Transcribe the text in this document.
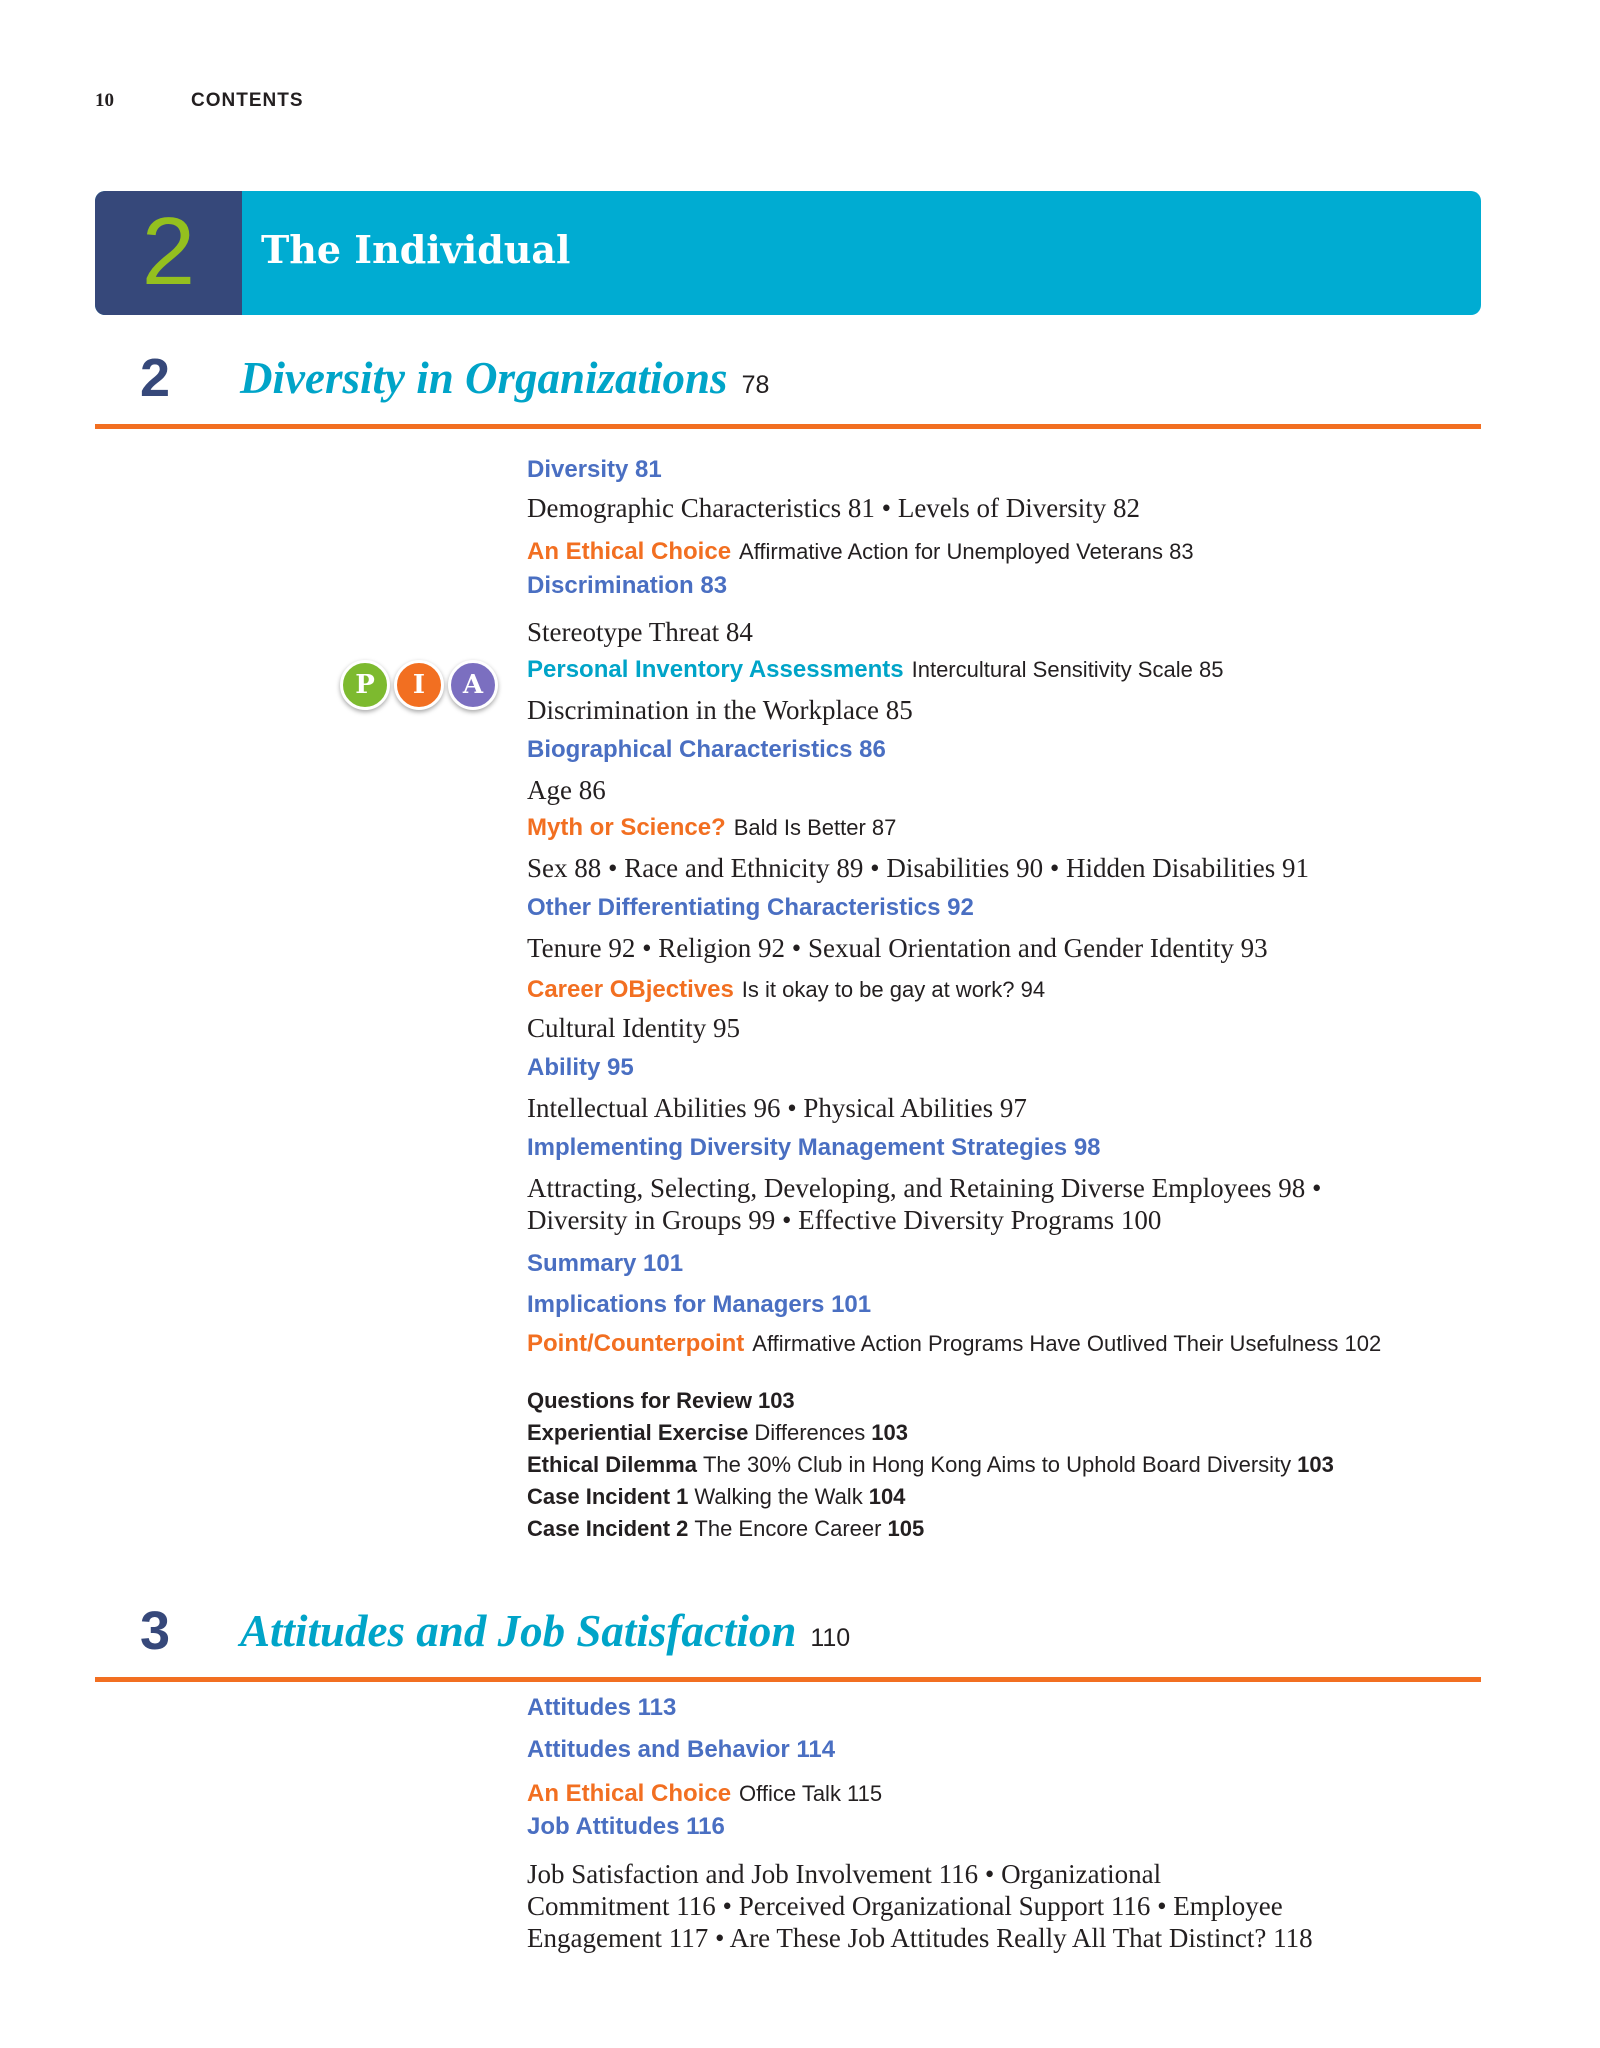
10	CONTENTS
2	The Individual
2 Diversity in Organizations 78
P	I	A
Diversity 81
Demographic Characteristics 81 • Levels of Diversity 82
An Ethical Choice Affirmative Action for Unemployed Veterans 83
Discrimination 83
Stereotype Threat 84
Personal Inventory Assessments Intercultural Sensitivity Scale 85
Discrimination in the Workplace 85
Biographical Characteristics 86
Age 86
Myth or Science? Bald Is Better 87
Sex 88 • Race and Ethnicity 89 • Disabilities 90 • Hidden Disabilities 91
Other Differentiating Characteristics 92
Tenure 92 • Religion 92 • Sexual Orientation and Gender Identity 93
Career OBjectives Is it okay to be gay at work? 94
Cultural Identity 95
Ability 95
Intellectual Abilities 96 • Physical Abilities 97
Implementing Diversity Management Strategies 98
Attracting, Selecting, Developing, and Retaining Diverse Employees 98 •
Diversity in Groups 99 • Effective Diversity Programs 100
Summary 101
Implications for Managers 101
Point/Counterpoint Affirmative Action Programs Have Outlived Their Usefulness 102
Questions for Review 103
Experiential Exercise Differences 103
Ethical Dilemma The 30% Club in Hong Kong Aims to Uphold Board Diversity 103
Case Incident 1 Walking the Walk 104
Case Incident 2 The Encore Career 105
3 Attitudes and Job Satisfaction 110
Attitudes 113
Attitudes and Behavior 114
An Ethical Choice Office Talk 115
Job Attitudes 116
Job Satisfaction and Job Involvement 116 • Organizational
Commitment 116 • Perceived Organizational Support 116 • Employee
Engagement 117 • Are These Job Attitudes Really All That Distinct? 118
